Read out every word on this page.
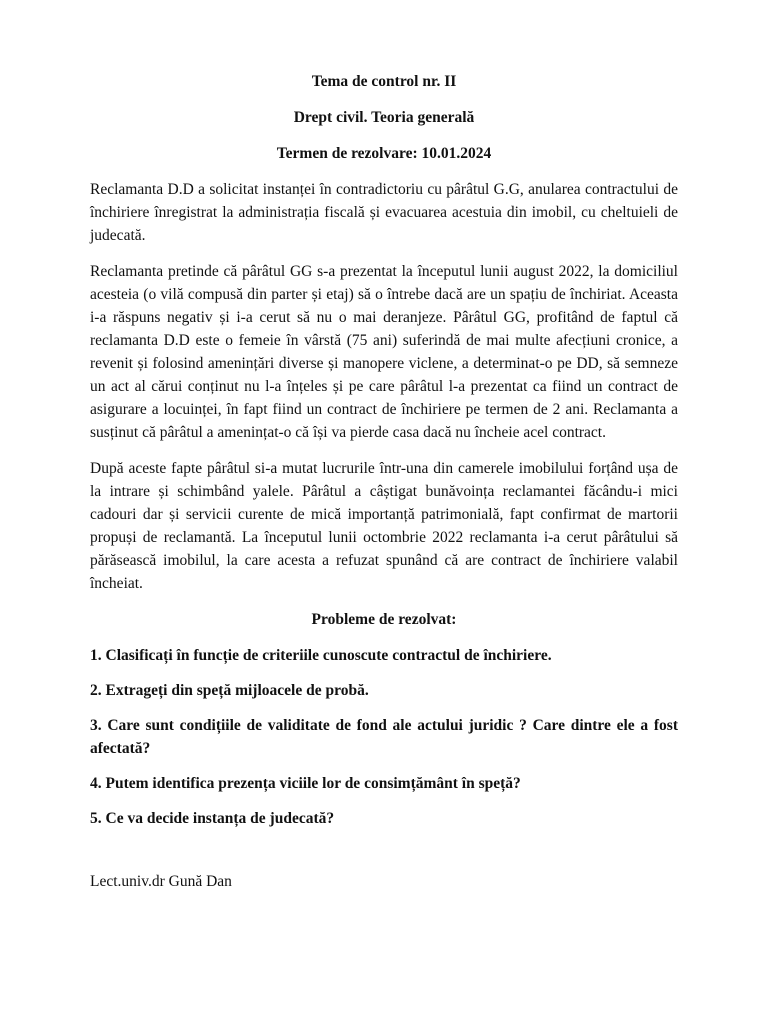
Tema de control nr. II
Drept civil. Teoria generală
Termen de rezolvare: 10.01.2024

Reclamanta D.D a solicitat instanței în contradictoriu cu pârâtul G.G, anularea contractului de închiriere înregistrat la administrația fiscală și evacuarea acestuia din imobil, cu cheltuieli de judecată.

Reclamanta pretinde că pârâtul GG s-a prezentat la începutul lunii august 2022, la domiciliul acesteia (o vilă compusă din parter și etaj) să o întrebe dacă are un spațiu de închiriat. Aceasta i-a răspuns negativ și i-a cerut să nu o mai deranjeze. Pârâtul GG, profitând de faptul că reclamanta D.D este o femeie în vârstă (75 ani) suferindă de mai multe afecțiuni cronice, a revenit și folosind amenințări diverse și manopere viclene, a determinat-o pe DD, să semneze un act al cărui conținut nu l-a înțeles și pe care pârâtul l-a prezentat ca fiind un contract de asigurare a locuinței, în fapt fiind un contract de închiriere pe termen de 2 ani. Reclamanta a susținut că pârâtul a amenințat-o că își va pierde casa dacă nu încheie acel contract.

După aceste fapte pârâtul si-a mutat lucrurile într-una din camerele imobilului forțând ușa de la intrare și schimbând yalele. Pârâtul a câștigat bunăvoința reclamantei făcându-i mici cadouri dar și servicii curente de mică importanță patrimonială, fapt confirmat de martorii propuși de reclamantă. La începutul lunii octombrie 2022 reclamanta i-a cerut pârâtului să părăsească imobilul, la care acesta a refuzat spunând că are contract de închiriere valabil încheiat.

Probleme de rezolvat:
1. Clasificați în funcție de criteriile cunoscute contractul de închiriere.
2. Extrageți din speță mijloacele de probă.
3. Care sunt condițiile de validitate de fond ale actului juridic ? Care dintre ele a fost afectată?
4. Putem identifica prezența viciile lor de consimțământ în speță?
5. Ce va decide instanța de judecată?
Lect.univ.dr Gună Dan
